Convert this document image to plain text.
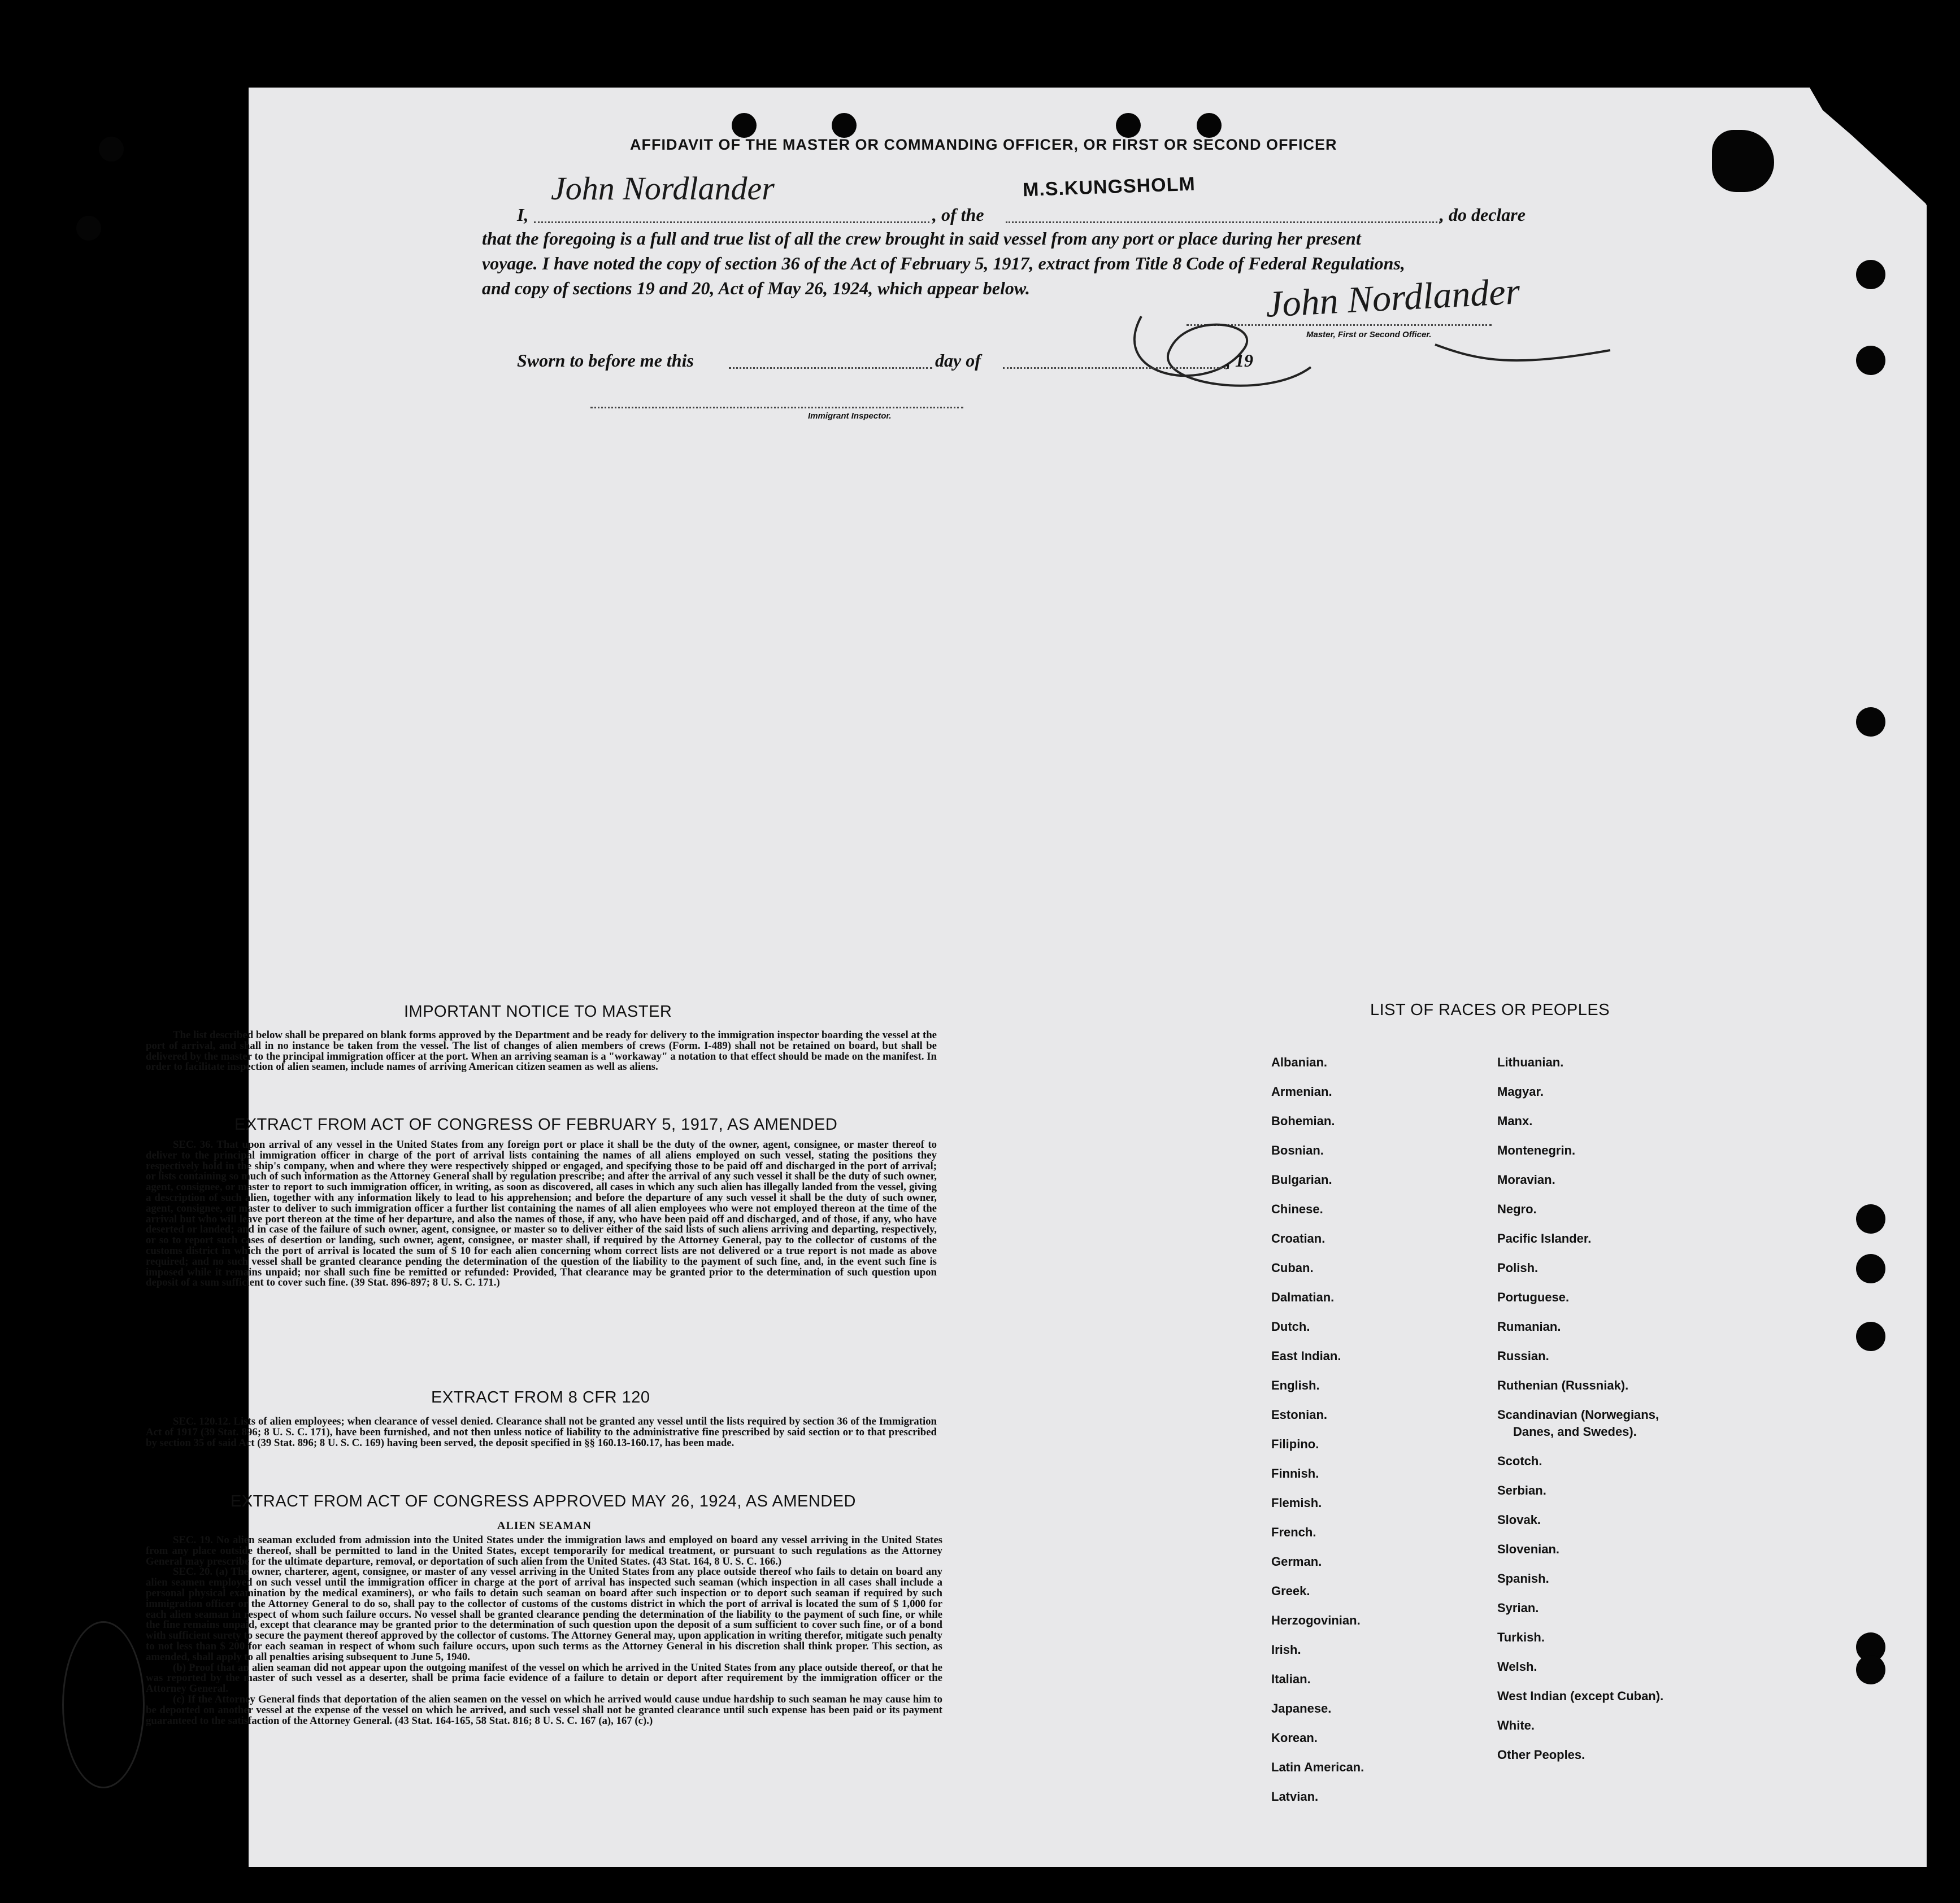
AFFIDAVIT OF THE MASTER OR COMMANDING OFFICER, OR FIRST OR SECOND OFFICER
I,
John Nordlander
, of the
M.S.KUNGSHOLM
, do declare
that the foregoing is a full and true list of all the crew brought in said vessel from any port or place during her present
voyage. I have noted the copy of section 36 of the Act of February 5, 1917, extract from Title 8 Code of Federal Regulations,
and copy of sections 19 and 20, Act of May 26, 1924, which appear below.	John Nordlander
Master, First or Second Officer.
Sworn to before me this	day of	, 19
Immigrant Inspector.
IMPORTANT NOTICE TO MASTER

The list described below shall be prepared on blank forms approved by the Department and be ready for delivery to the immigration inspector boarding the vessel at the port of arrival, and shall in no instance be taken from the vessel. The list of changes of alien members of crews (Form. I-489) shall not be retained on board, but shall be delivered by the master to the principal immigration officer at the port. When an arriving seaman is a "workaway" a notation to that effect should be made on the manifest. In order to facilitate inspection of alien seamen, include names of arriving American citizen seamen as well as aliens.

EXTRACT FROM ACT OF CONGRESS OF FEBRUARY 5, 1917, AS AMENDED

SEC. 36. That upon arrival of any vessel in the United States from any foreign port or place it shall be the duty of the owner, agent, consignee, or master thereof to deliver to the principal immigration officer in charge of the port of arrival lists containing the names of all aliens employed on such vessel, stating the positions they respectively hold in the ship's company, when and where they were respectively shipped or engaged, and specifying those to be paid off and discharged in the port of arrival; or lists containing so much of such information as the Attorney General shall by regulation prescribe; and after the arrival of any such vessel it shall be the duty of such owner, agent, consignee, or master to report to such immigration officer, in writing, as soon as discovered, all cases in which any such alien has illegally landed from the vessel, giving a description of such alien, together with any information likely to lead to his apprehension; and before the departure of any such vessel it shall be the duty of such owner, agent, consignee, or master to deliver to such immigration officer a further list containing the names of all alien employees who were not employed thereon at the time of the arrival but who will leave port thereon at the time of her departure, and also the names of those, if any, who have been paid off and discharged, and of those, if any, who have deserted or landed; and in case of the failure of such owner, agent, consignee, or master so to deliver either of the said lists of such aliens arriving and departing, respectively, or so to report such cases of desertion or landing, such owner, agent, consignee, or master shall, if required by the Attorney General, pay to the collector of customs of the customs district in which the port of arrival is located the sum of $ 10 for each alien concerning whom correct lists are not delivered or a true report is not made as above required; and no such vessel shall be granted clearance pending the determination of the question of the liability to the payment of such fine, and, in the event such fine is imposed while it remains unpaid; nor shall such fine be remitted or refunded: Provided, That clearance may be granted prior to the determination of such question upon deposit of a sum sufficient to cover such fine. (39 Stat. 896-897; 8 U. S. C. 171.)

EXTRACT FROM 8 CFR 120

SEC. 120.12. Lists of alien employees; when clearance of vessel denied. Clearance shall not be granted any vessel until the lists required by section 36 of the Immigration Act of 1917 (39 Stat. 896; 8 U. S. C. 171), have been furnished, and not then unless notice of liability to the administrative fine prescribed by said section or to that prescribed by section 35 of said Act (39 Stat. 896; 8 U. S. C. 169) having been served, the deposit specified in §§ 160.13-160.17, has been made.

EXTRACT FROM ACT OF CONGRESS APPROVED MAY 26, 1924, AS AMENDED
ALIEN SEAMAN

SEC. 19. No alien seaman excluded from admission into the United States under the immigration laws and employed on board any vessel arriving in the United States from any place outside thereof, shall be permitted to land in the United States, except temporarily for medical treatment, or pursuant to such regulations as the Attorney General may prescribe for the ultimate departure, removal, or deportation of such alien from the United States. (43 Stat. 164, 8 U. S. C. 166.)

SEC. 20. (a) The owner, charterer, agent, consignee, or master of any vessel arriving in the United States from any place outside thereof who fails to detain on board any alien seamen employed on such vessel until the immigration officer in charge at the port of arrival has inspected such seaman (which inspection in all cases shall include a personal physical examination by the medical examiners), or who fails to detain such seaman on board after such inspection or to deport such seaman if required by such immigration officer or the Attorney General to do so, shall pay to the collector of customs of the customs district in which the port of arrival is located the sum of $ 1,000 for each alien seaman in respect of whom such failure occurs. No vessel shall be granted clearance pending the determination of the liability to the payment of such fine, or while the fine remains unpaid, except that clearance may be granted prior to the determination of such question upon the deposit of a sum sufficient to cover such fine, or of a bond with sufficient surety to secure the payment thereof approved by the collector of customs. The Attorney General may, upon application in writing therefor, mitigate such penalty to not less than $ 200 for each seaman in respect of whom such failure occurs, upon such terms as the Attorney General in his discretion shall think proper. This section, as amended, shall apply to all penalties arising subsequent to June 5, 1940.

(b) Proof that an alien seaman did not appear upon the outgoing manifest of the vessel on which he arrived in the United States from any place outside thereof, or that he was reported by the master of such vessel as a deserter, shall be prima facie evidence of a failure to detain or deport after requirement by the immigration officer or the Attorney General.

(c) If the Attorney General finds that deportation of the alien seamen on the vessel on which he arrived would cause undue hardship to such seaman he may cause him to be deported on another vessel at the expense of the vessel on which he arrived, and such vessel shall not be granted clearance until such expense has been paid or its payment guaranteed to the satisfaction of the Attorney General. (43 Stat. 164-165, 58 Stat. 816; 8 U. S. C. 167 (a), 167 (c).)

LIST OF RACES OR PEOPLES
Albanian.
Armenian.
Bohemian.
Bosnian.
Bulgarian.
Chinese.
Croatian.
Cuban.
Dalmatian.
Dutch.
East Indian.
English.
Estonian.
Filipino.
Finnish.
Flemish.
French.
German.
Greek.
Herzogovinian.
Irish.
Italian.
Japanese.
Korean.
Latin American.
Latvian.
Lithuanian.
Magyar.
Manx.
Montenegrin.
Moravian.
Negro.
Pacific Islander.
Polish.
Portuguese.
Rumanian.
Russian.
Ruthenian (Russniak).
Scandinavian (Norwegians,
Danes, and Swedes).
Scotch.
Serbian.
Slovak.
Slovenian.
Spanish.
Syrian.
Turkish.
Welsh.
West Indian (except Cuban).
White.
Other Peoples.
